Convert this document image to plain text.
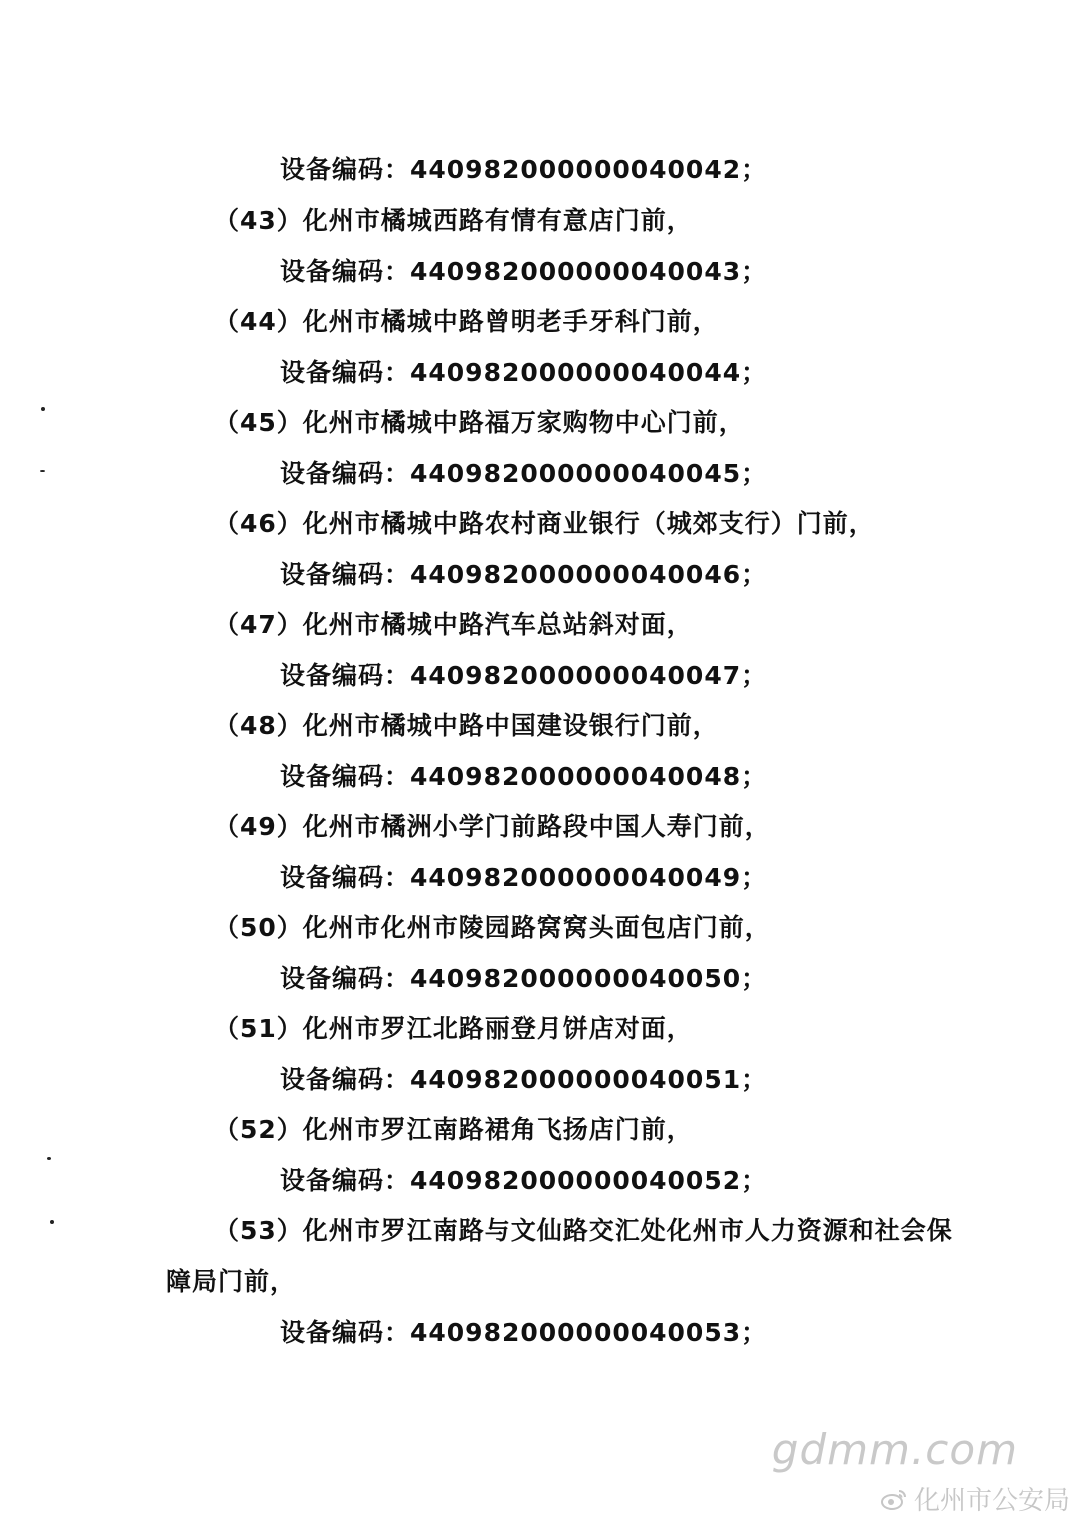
设备编码：440982000000040042；
（43）化州市橘城西路有情有意店门前，
设备编码：440982000000040043；
（44）化州市橘城中路曾明老手牙科门前，
设备编码：440982000000040044；
（45）化州市橘城中路福万家购物中心门前，
设备编码：440982000000040045；
（46）化州市橘城中路农村商业银行（城郊支行）门前，
设备编码：440982000000040046；
（47）化州市橘城中路汽车总站斜对面，
设备编码：440982000000040047；
（48）化州市橘城中路中国建设银行门前，
设备编码：440982000000040048；
（49）化州市橘洲小学门前路段中国人寿门前，
设备编码：440982000000040049；
（50）化州市化州市陵园路窝窝头面包店门前，
设备编码：440982000000040050；
（51）化州市罗江北路丽登月饼店对面，
设备编码：440982000000040051；
（52）化州市罗江南路裙角飞扬店门前，
设备编码：440982000000040052；
（53）化州市罗江南路与文仙路交汇处化州市人力资源和社会保
障局门前，
设备编码：440982000000040053；
gdmm.com
化州市公安局
